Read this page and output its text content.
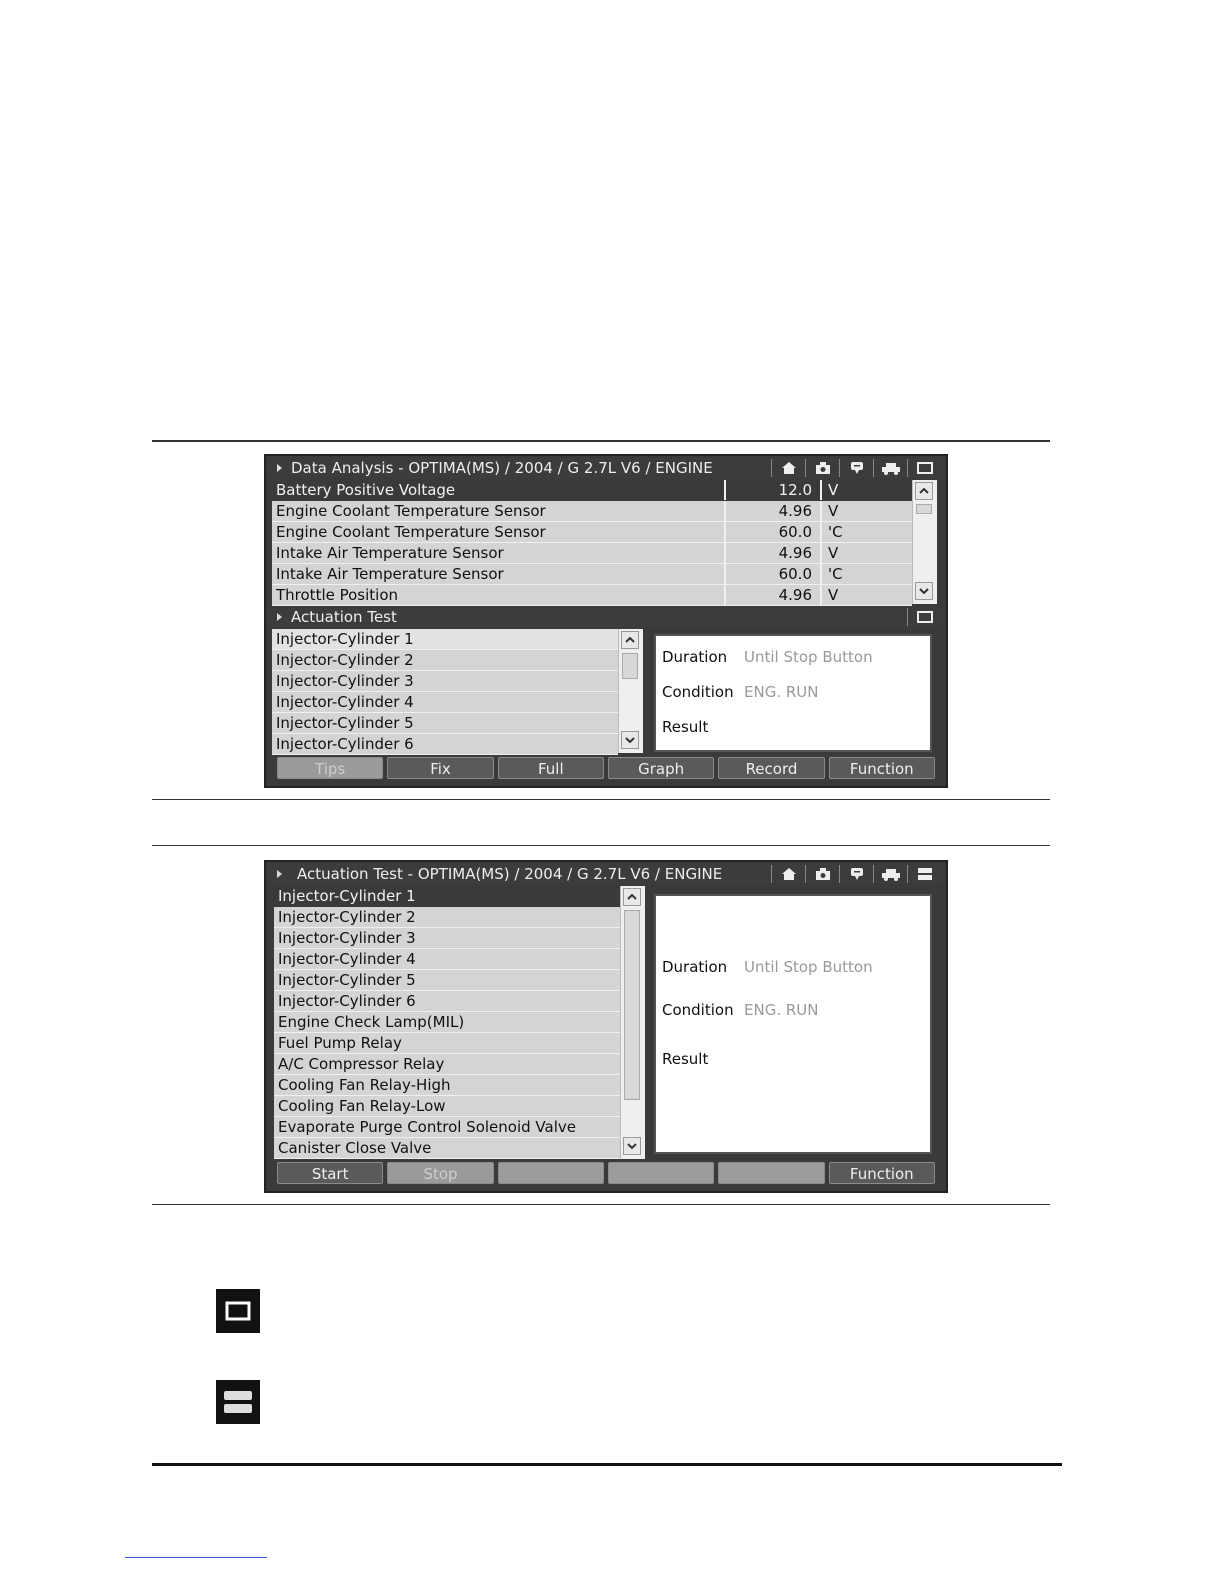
Data Analysis - OPTIMA(MS) / 2004 / G 2.7L V6 / ENGINE
Battery Positive Voltage	12.0	V
Engine Coolant Temperature Sensor	4.96	V
Engine Coolant Temperature Sensor	60.0	'C
Intake Air Temperature Sensor	4.96	V
Intake Air Temperature Sensor	60.0	'C
Throttle Position	4.96	V
Actuation Test
Injector-Cylinder 1
Injector-Cylinder 2
Injector-Cylinder 3
Injector-Cylinder 4
Injector-Cylinder 5
Injector-Cylinder 6
Duration Until Stop Button
Condition ENG. RUN
Result
Tips	Fix	Full	Graph	Record	Function
Actuation Test - OPTIMA(MS) / 2004 / G 2.7L V6 / ENGINE
Injector-Cylinder 1
Injector-Cylinder 2
Injector-Cylinder 3
Injector-Cylinder 4
Injector-Cylinder 5
Injector-Cylinder 6
Engine Check Lamp(MIL)
Fuel Pump Relay
A/C Compressor Relay
Cooling Fan Relay-High
Cooling Fan Relay-Low
Evaporate Purge Control Solenoid Valve
Canister Close Valve
Duration Until Stop Button
Condition ENG. RUN
Result
Start	Stop	Function
